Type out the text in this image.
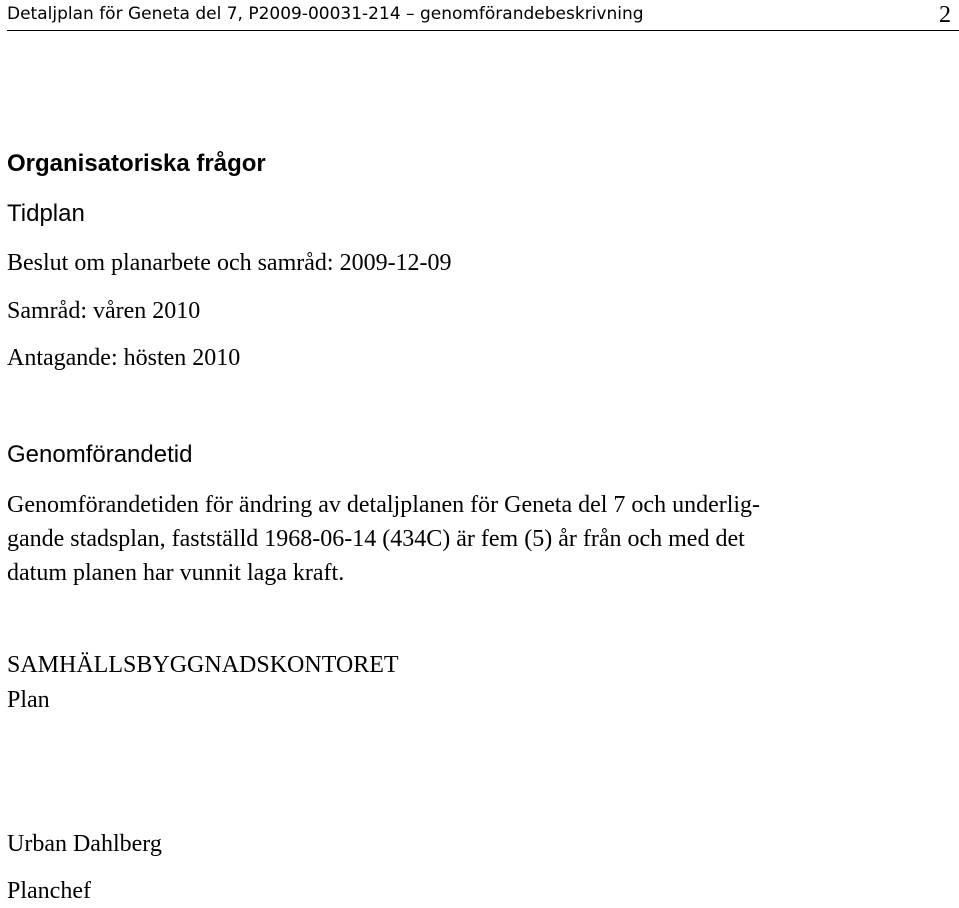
Detaljplan för Geneta del 7, P2009-00031-214 – genomförandebeskrivning	2
Organisatoriska frågor
Tidplan
Beslut om planarbete och samråd: 2009-12-09
Samråd: våren 2010
Antagande: hösten 2010
Genomförandetid
Genomförandetiden för ändring av detaljplanen för Geneta del 7 och underlig-
gande stadsplan, fastställd 1968-06-14 (434C) är fem (5) år från och med det
datum planen har vunnit laga kraft.
SAMHÄLLSBYGGNADSKONTORET
Plan
Urban Dahlberg
Planchef
